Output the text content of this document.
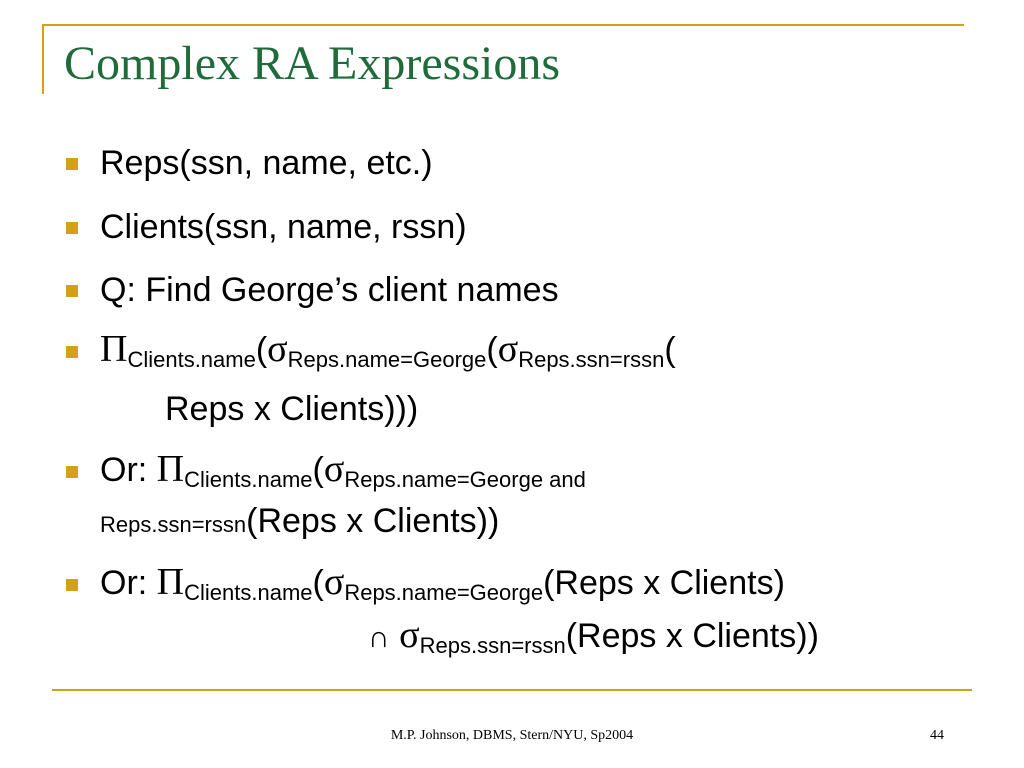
Complex RA Expressions
Reps(ssn, name, etc.)
Clients(ssn, name, rssn)
Q: Find George’s client names
$\Pi_{Clients.name}(\sigma_{Reps.name=George}(\sigma_{Reps.ssn=rssn}$(
Reps x Clients)))
Or: $\Pi_{Clients.name}(\sigma_{Reps.name=George and}$
Reps.ssn=rssn(Reps x Clients))
Or: $\Pi_{Clients.name}(\sigma_{Reps.name=George}(Reps$ x Clients)
∩ $\sigma_{Reps.ssn=rssn}(Reps$ x Clients))
M.P. Johnson, DBMS, Stern/NYU, Sp2004	44
